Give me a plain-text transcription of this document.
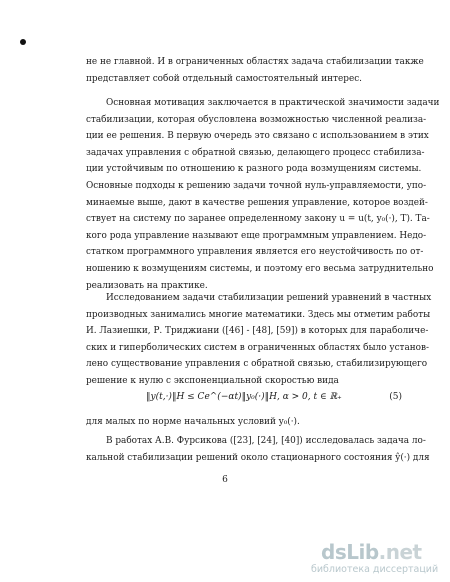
не не главной. И в ограниченных областях задача стабилизации также
представляет собой отдельный самостоятельный интерес.
Основная мотивация заключается в практической значимости задачи
стабилизации, которая обусловлена возможностью численной реализа-
ции ее решения. В первую очередь это связано с использованием в этих
задачах управления с обратной связью, делающего процесс стабилиза-
ции устойчивым по отношению к разного рода возмущениям системы.
Основные подходы к решению задачи точной нуль-управляемости, упо-
минаемые выше, дают в качестве решения управление, которое воздей-
ствует на систему по заранее определенному закону u = u(t, y₀(·), T). Та-
кого рода управление называют еще программным управлением. Недо-
статком программного управления является его неустойчивость по от-
ношению к возмущениям системы, и поэтому его весьма затруднительно
реализовать на практике.
Исследованием задачи стабилизации решений уравнений в частных
производных занимались многие математики. Здесь мы отметим работы
И. Лазиешки, Р. Триджиани ([46] - [48], [59]) в которых для параболиче-
ских и гиперболических систем в ограниченных областях было установ-
лено существование управления с обратной связью, стабилизирующего
решение к нулю с экспоненциальной скоростью вида
‖y(t,·)‖H ≤ Ce^(−αt)‖y₀(·)‖H, α > 0, t ∈ ℝ₊	(5)
для малых по норме начальных условий y₀(·).
В работах А.В. Фурсикова ([23], [24], [40]) исследовалась задача ло-
кальной стабилизации решений около стационарного состояния ŷ(·) для
6
dsLib.net
библиотека диссертаций
